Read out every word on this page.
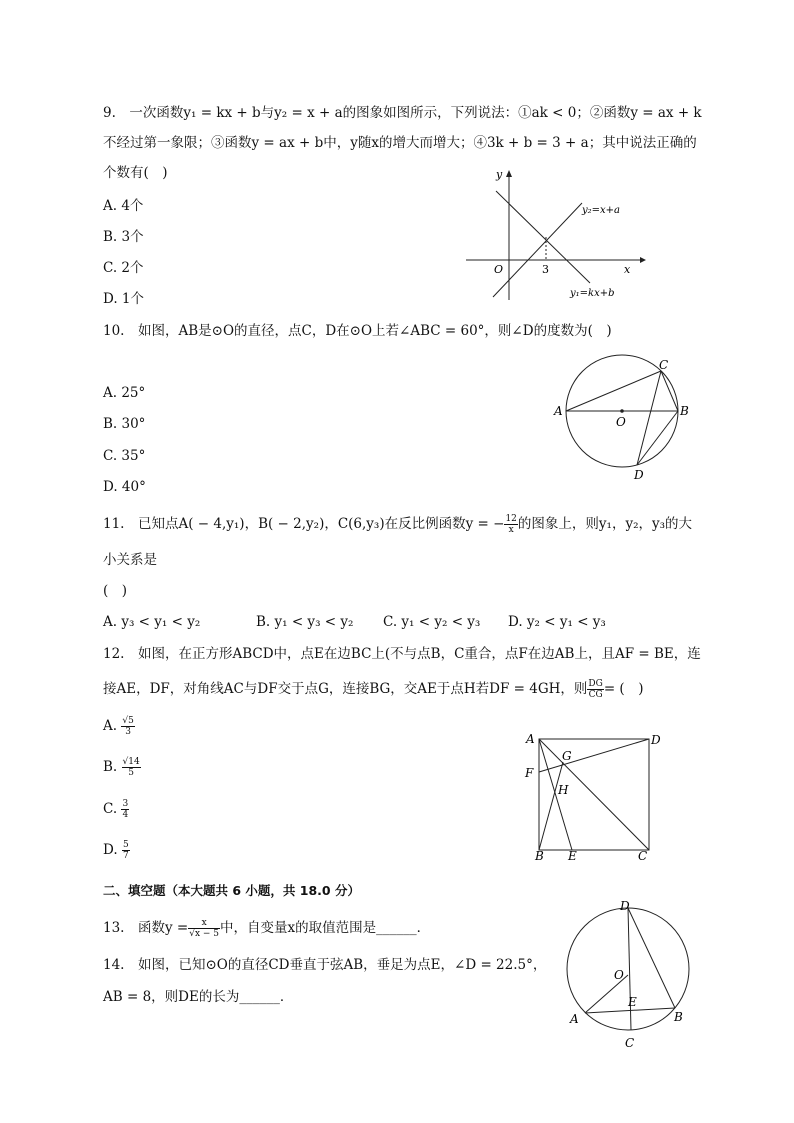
9.　一次函数y₁ = kx + b与y₂ = x + a的图象如图所示，下列说法：①ak < 0；②函数y = ax + k
不经过第一象限；③函数y = ax + b中，y随x的增大而增大；④3k + b = 3 + a；其中说法正确的
个数有(　)
A. 4个
B. 3个
C. 2个
D. 1个
y
x
O	3
y₂=x+a
y₁=kx+b
10.　如图，AB是⊙O的直径，点C，D在⊙O上若∠ABC = 60°，则∠D的度数为(　)
A. 25°
B. 30°
C. 35°
D. 40°
A	B
C
D
O
11.　已知点A( − 4,y₁)，B( − 2,y₂)，C(6,y₃)在反比例函数y = − $\frac{12}{x}$ 的图象上，则y₁，y₂，y₃的大
小关系是
(　)
A. y₃ < y₁ < y₂	B. y₁ < y₃ < y₂ C. y₁ < y₂ < y₃ D. y₂ < y₁ < y₃
12.　如图，在正方形ABCD中，点E在边BC上(不与点B，C重合，点F在边AB上，且AF = BE，连
接AE，DF，对角线AC与DF交于点G，连接BG，交AE于点H若DF = 4GH，则 $\frac{DG}{CG}$ = (　)
A. $\frac{√5}{3}$
B. $\frac{√14}{5}$
C. $\frac{3}{4}$
D. $\frac{5}{7}$
A	D
B	C
E
F
G
H
二、填空题（本大题共 6 小题，共 18.0 分）
13.　函数$y = \frac{x}{√x - 5}$ 中，自变量x的取值范围是______．
14.　如图，已知⊙O的直径CD垂直于弦AB，垂足为点E，∠D = 22.5°，
AB = 8，则DE的长为______．
D
O
E
A	B
C
